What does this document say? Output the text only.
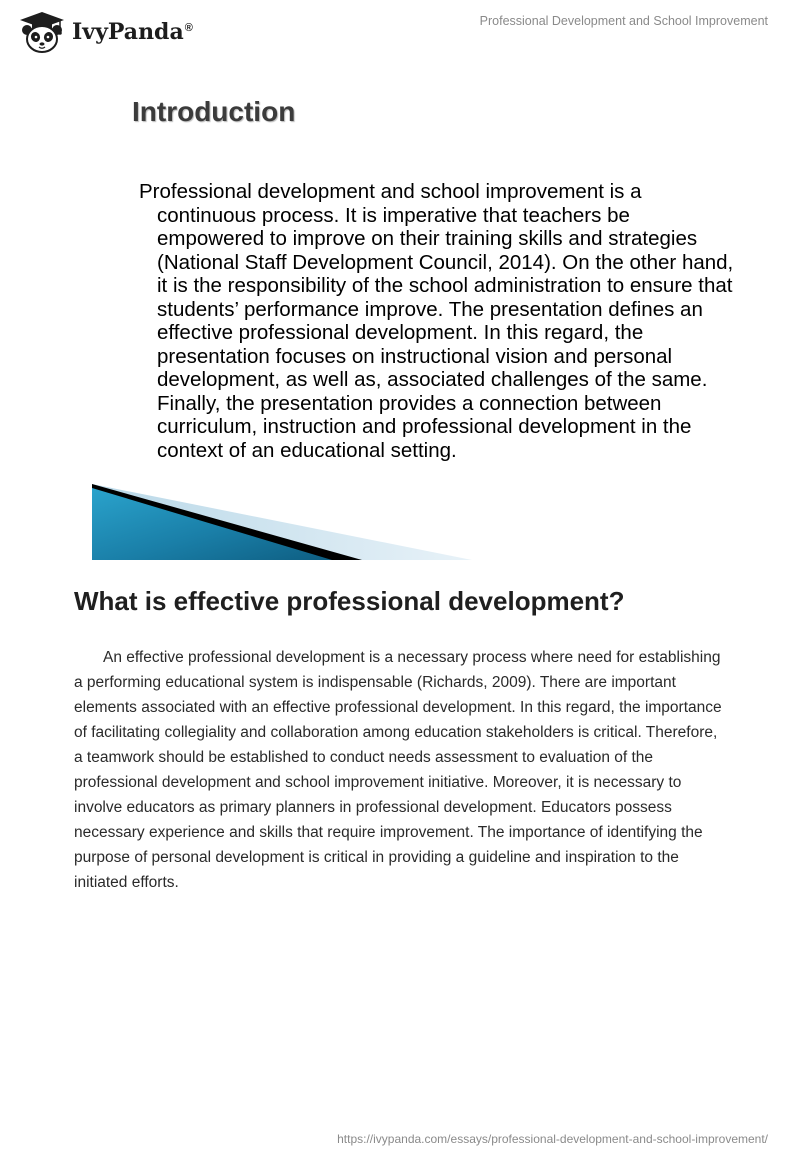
IvyPanda®	Professional Development and School Improvement
Introduction

Professional development and school improvement is a continuous process. It is imperative that teachers be empowered to improve on their training skills and strategies (National Staff Development Council, 2014). On the other hand, it is the responsibility of the school administration to ensure that students’ performance improve. The presentation defines an effective professional development. In this regard, the presentation focuses on instructional vision and personal development, as well as, associated challenges of the same. Finally, the presentation provides a connection between curriculum, instruction and professional development in the context of an educational setting.

What is effective professional development?

An effective professional development is a necessary process where need for establishing a performing educational system is indispensable (Richards, 2009). There are important elements associated with an effective professional development. In this regard, the importance of facilitating collegiality and collaboration among education stakeholders is critical. Therefore, a teamwork should be established to conduct needs assessment to evaluation of the professional development and school improvement initiative. Moreover, it is necessary to involve educators as primary planners in professional development. Educators possess necessary experience and skills that require improvement. The importance of identifying the purpose of personal development is critical in providing a guideline and inspiration to the initiated efforts.

https://ivypanda.com/essays/professional-development-and-school-improvement/
